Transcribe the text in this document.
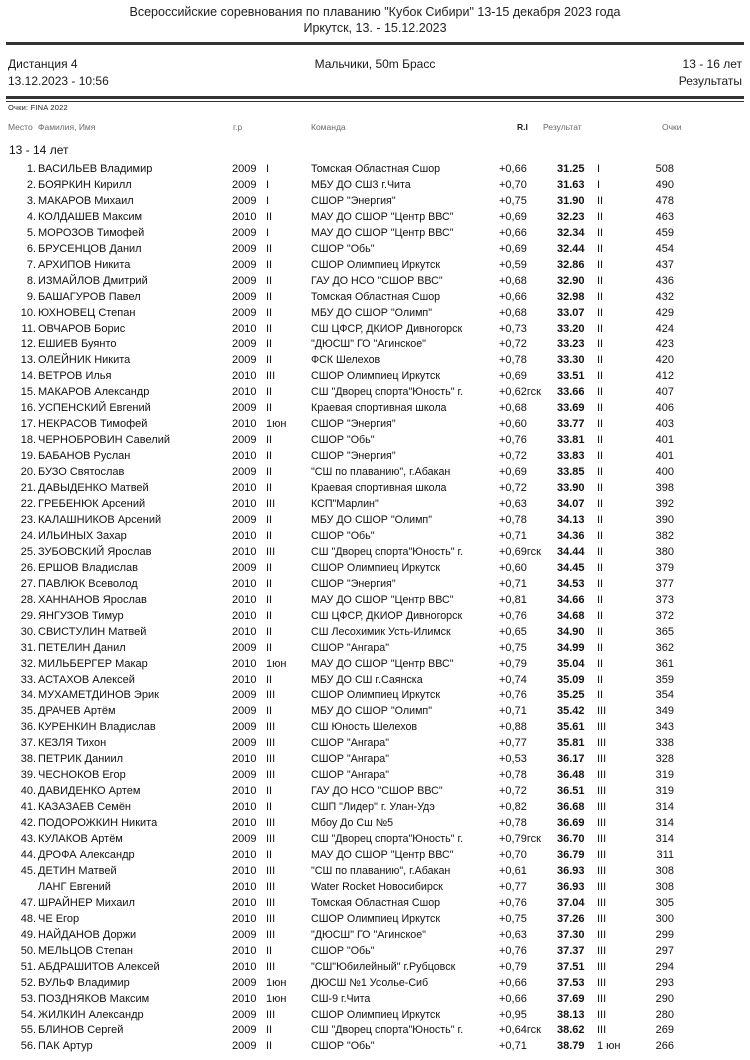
Всероссийские соревнования по плаванию "Кубок Сибири" 13-15 декабря 2023 года
Иркутск, 13. - 15.12.2023
Дистанция 4
13.12.2023 - 10:56
Мальчики, 50m Брасс	13 - 16 лет
Результаты
Очки: FINA 2022
Место Фамилия, Имя	г.р	Команда	R.I Результат	Очки
13 - 14 лет
1. ВАСИЛЬЕВ Владимир	2009 I	Томская Областная Сшор	+0,66	31.25	I	508
2. БОЯРКИН Кирилл	2009 I	МБУ ДО СШ3 г.Чита	+0,70	31.63	I	490
3. МАКАРОВ Михаил	2009 I	СШОР "Энергия"	+0,75	31.90	II	478
4. КОЛДАШЕВ Максим	2010 II	МАУ ДО СШОР "Центр ВВС"	+0,69	32.23	II	463
5. МОРОЗОВ Тимофей	2009 I	МАУ ДО СШОР "Центр ВВС"	+0,66	32.34	II	459
6. БРУСЕНЦОВ Данил	2009 II	СШОР "Обь"	+0,69	32.44	II	454
7. АРХИПОВ Никита	2009 II	СШОР Олимпиец Иркутск	+0,59	32.86	II	437
8. ИЗМАЙЛОВ Дмитрий	2009 II	ГАУ ДО НСО "СШОР ВВС"	+0,68	32.90	II	436
9. БАШАГУРОВ Павел	2009 II	Томская Областная Сшор	+0,66	32.98	II	432
10. ЮХНОВЕЦ Степан	2009 II	МБУ ДО СШОР "Олимп"	+0,68	33.07	II	429
11. ОВЧАРОВ Борис	2010 II	СШ ЦФСР, ДКИОР Дивногорск	+0,73	33.20	II	424
12. ЕШИЕВ Буянто	2009 II	"ДЮСШ" ГО "Агинское"	+0,72	33.23	II	423
13. ОЛЕЙНИК Никита	2009 II	ФСК Шелехов	+0,78	33.30	II	420
14. ВЕТРОВ Илья	2010 III	СШОР Олимпиец Иркутск	+0,69	33.51	II	412
15. МАКАРОВ Александр	2010 II	СШ "Дворец спорта"Юность" г.	+0,62гск	33.66	II	407
16. УСПЕНСКИЙ Евгений	2009 II	Краевая спортивная школа	+0,68	33.69	II	406
17. НЕКРАСОВ Тимофей	2010 1юн	СШОР "Энергия"	+0,60	33.77	II	403
18. ЧЕРНОБРОВИН Савелий	2009 II	СШОР "Обь"	+0,76	33.81	II	401
19. БАБАНОВ Руслан	2010 II	СШОР "Энергия"	+0,72	33.83	II	401
20. БУЗО Святослав	2009 II	"СШ по плаванию", г.Абакан	+0,69	33.85	II	400
21. ДАВЫДЕНКО Матвей	2010 II	Краевая спортивная школа	+0,72	33.90	II	398
22. ГРЕБЕНЮК Арсений	2010 III	КСП"Марлин"	+0,63	34.07	II	392
23. КАЛАШНИКОВ Арсений	2009 II	МБУ ДО СШОР "Олимп"	+0,78	34.13	II	390
24. ИЛЬИНЫХ Захар	2010 II	СШОР "Обь"	+0,71	34.36	II	382
25. ЗУБОВСКИЙ Ярослав	2010 III	СШ "Дворец спорта"Юность" г.	+0,69гск	34.44	II	380
26. ЕРШОВ Владислав	2009 II	СШОР Олимпиец Иркутск	+0,60	34.45	II	379
27. ПАВЛЮК Всеволод	2010 II	СШОР "Энергия"	+0,71	34.53	II	377
28. ХАННАНОВ Ярослав	2010 II	МАУ ДО СШОР "Центр ВВС"	+0,81	34.66	II	373
29. ЯНГУЗОВ Тимур	2010 II	СШ ЦФСР, ДКИОР Дивногорск	+0,76	34.68	II	372
30. СВИСТУЛИН Матвей	2010 II	СШ Лесохимик Усть-Илимск	+0,65	34.90	II	365
31. ПЕТЕЛИН Данил	2009 II	СШОР "Ангара"	+0,75	34.99	II	362
32. МИЛЬБЕРГЕР Макар	2010 1юн	МАУ ДО СШОР "Центр ВВС"	+0,79	35.04	II	361
33. АСТАХОВ Алексей	2010 II	МБУ ДО СШ г.Саянска	+0,74	35.09	II	359
34. МУХАМЕТДИНОВ Эрик	2009 III	СШОР Олимпиец Иркутск	+0,76	35.25	II	354
35. ДРАЧЕВ Артём	2009 II	МБУ ДО СШОР "Олимп"	+0,71	35.42	III	349
36. КУРЕНКИН Владислав	2009 III	СШ Юность Шелехов	+0,88	35.61	III	343
37. КЕЗЛЯ Тихон	2009 III	СШОР "Ангара"	+0,77	35.81	III	338
38. ПЕТРИК Даниил	2010 III	СШОР "Ангара"	+0,53	36.17	III	328
39. ЧЕСНОКОВ Егор	2009 III	СШОР "Ангара"	+0,78	36.48	III	319
40. ДАВИДЕНКО Артем	2010 II	ГАУ ДО НСО "СШОР ВВС"	+0,72	36.51	III	319
41. КАЗАЗАЕВ Семён	2010 II	СШП "Лидер" г. Улан-Удэ	+0,82	36.68	III	314
42. ПОДОРОЖКИН Никита	2010 III	Мбоу До Сш №5	+0,78	36.69	III	314
43. КУЛАКОВ Артём	2009 III	СШ "Дворец спорта"Юность" г.	+0,79гск	36.70	III	314
44. ДРОФА Александр	2010 II	МАУ ДО СШОР "Центр ВВС"	+0,70	36.79	III	311
45. ДЕТИН Матвей	2010 III	"СШ по плаванию", г.Абакан	+0,61	36.93	III	308
ЛАНГ Евгений	2010 III	Water Rocket Новосибирск	+0,77	36.93	III	308
47. ШРАЙНЕР Михаил	2010 III	Томская Областная Сшор	+0,76	37.04	III	305
48. ЧЕ Егор	2010 III	СШОР Олимпиец Иркутск	+0,75	37.26	III	300
49. НАЙДАНОВ Доржи	2009 III	"ДЮСШ" ГО "Агинское"	+0,63	37.30	III	299
50. МЕЛЬЦОВ Степан	2010 II	СШОР "Обь"	+0,76	37.37	III	297
51. АБДРАШИТОВ Алексей	2010 III	"СШ"Юбилейный" г.Рубцовск	+0,79	37.51	III	294
52. ВУЛЬФ Владимир	2009 1юн	ДЮСШ №1 Усолье-Сиб	+0,66	37.53	III	293
53. ПОЗДНЯКОВ Максим	2010 1юн	СШ-9 г.Чита	+0,66	37.69	III	290
54. ЖИЛКИН Александр	2009 III	СШОР Олимпиец Иркутск	+0,95	38.13	III	280
55. БЛИНОВ Сергей	2009 II	СШ "Дворец спорта"Юность" г.	+0,64гск	38.62	III	269
56. ПАК Артур	2009 II	СШОР "Обь"	+0,71	38.79	1 юн	266
